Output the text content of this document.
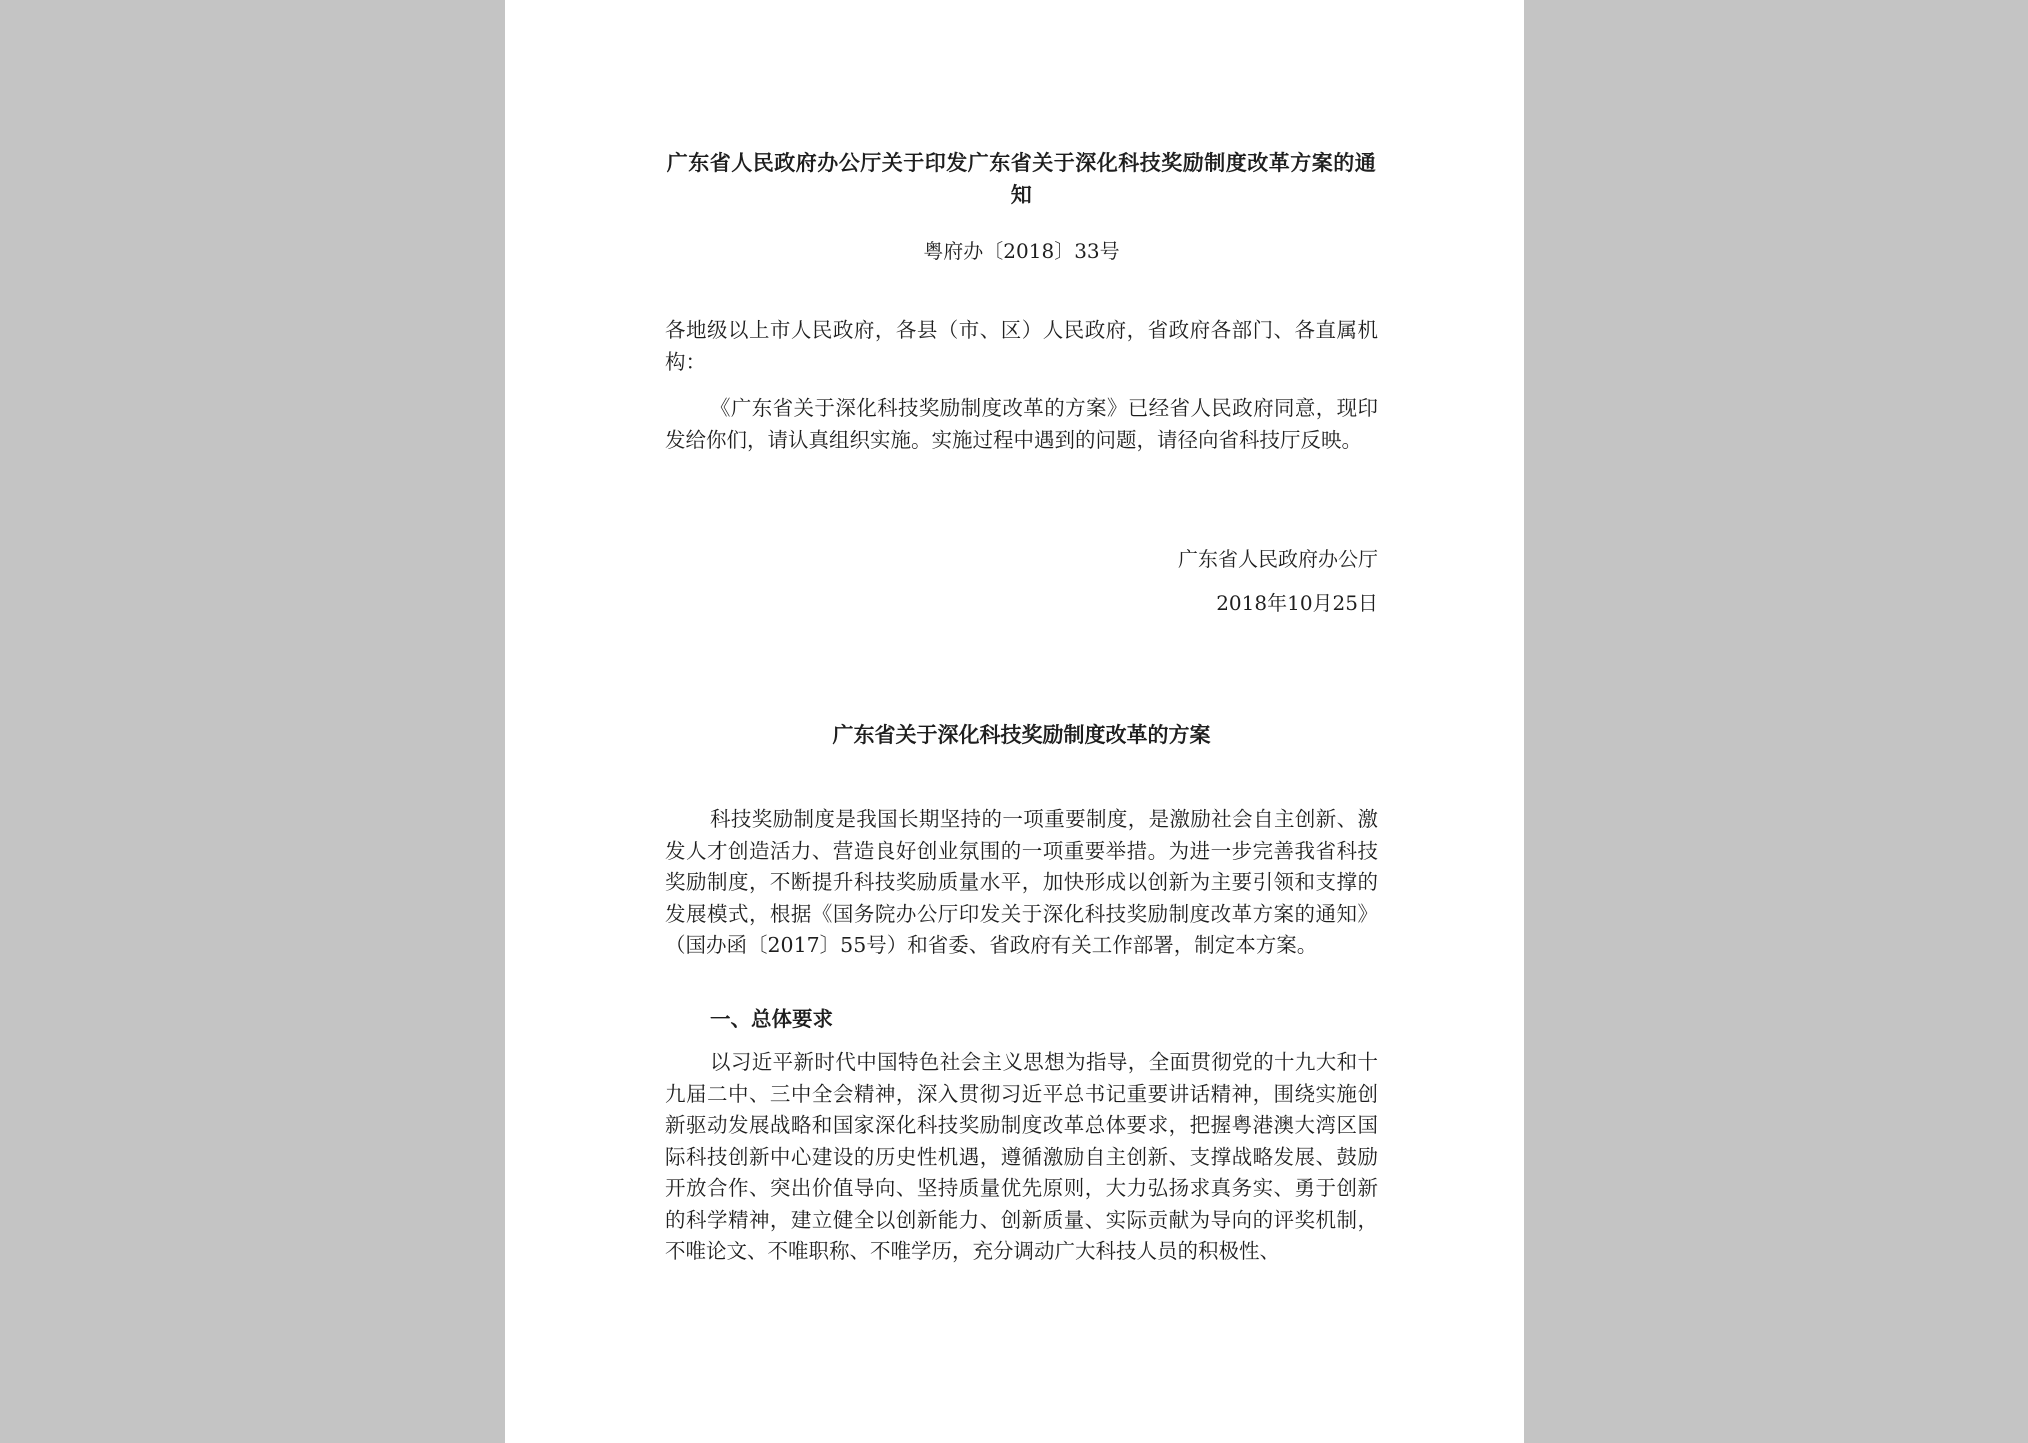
广东省人民政府办公厅关于印发广东省关于深化科技奖励制度改革方案的通知
粤府办〔2018〕33号

各地级以上市人民政府，各县（市、区）人民政府，省政府各部门、各直属机构：

《广东省关于深化科技奖励制度改革的方案》已经省人民政府同意，现印发给你们，请认真组织实施。实施过程中遇到的问题，请径向省科技厅反映。

广东省人民政府办公厅
2018年10月25日
广东省关于深化科技奖励制度改革的方案

科技奖励制度是我国长期坚持的一项重要制度，是激励社会自主创新、激发人才创造活力、营造良好创业氛围的一项重要举措。为进一步完善我省科技奖励制度，不断提升科技奖励质量水平，加快形成以创新为主要引领和支撑的发展模式，根据《国务院办公厅印发关于深化科技奖励制度改革方案的通知》（国办函〔2017〕55号）和省委、省政府有关工作部署，制定本方案。

一、总体要求

以习近平新时代中国特色社会主义思想为指导，全面贯彻党的十九大和十九届二中、三中全会精神，深入贯彻习近平总书记重要讲话精神，围绕实施创新驱动发展战略和国家深化科技奖励制度改革总体要求，把握粤港澳大湾区国际科技创新中心建设的历史性机遇，遵循激励自主创新、支撑战略发展、鼓励开放合作、突出价值导向、坚持质量优先原则，大力弘扬求真务实、勇于创新的科学精神，建立健全以创新能力、创新质量、实际贡献为导向的评奖机制，不唯论文、不唯职称、不唯学历，充分调动广大科技人员的积极性、
